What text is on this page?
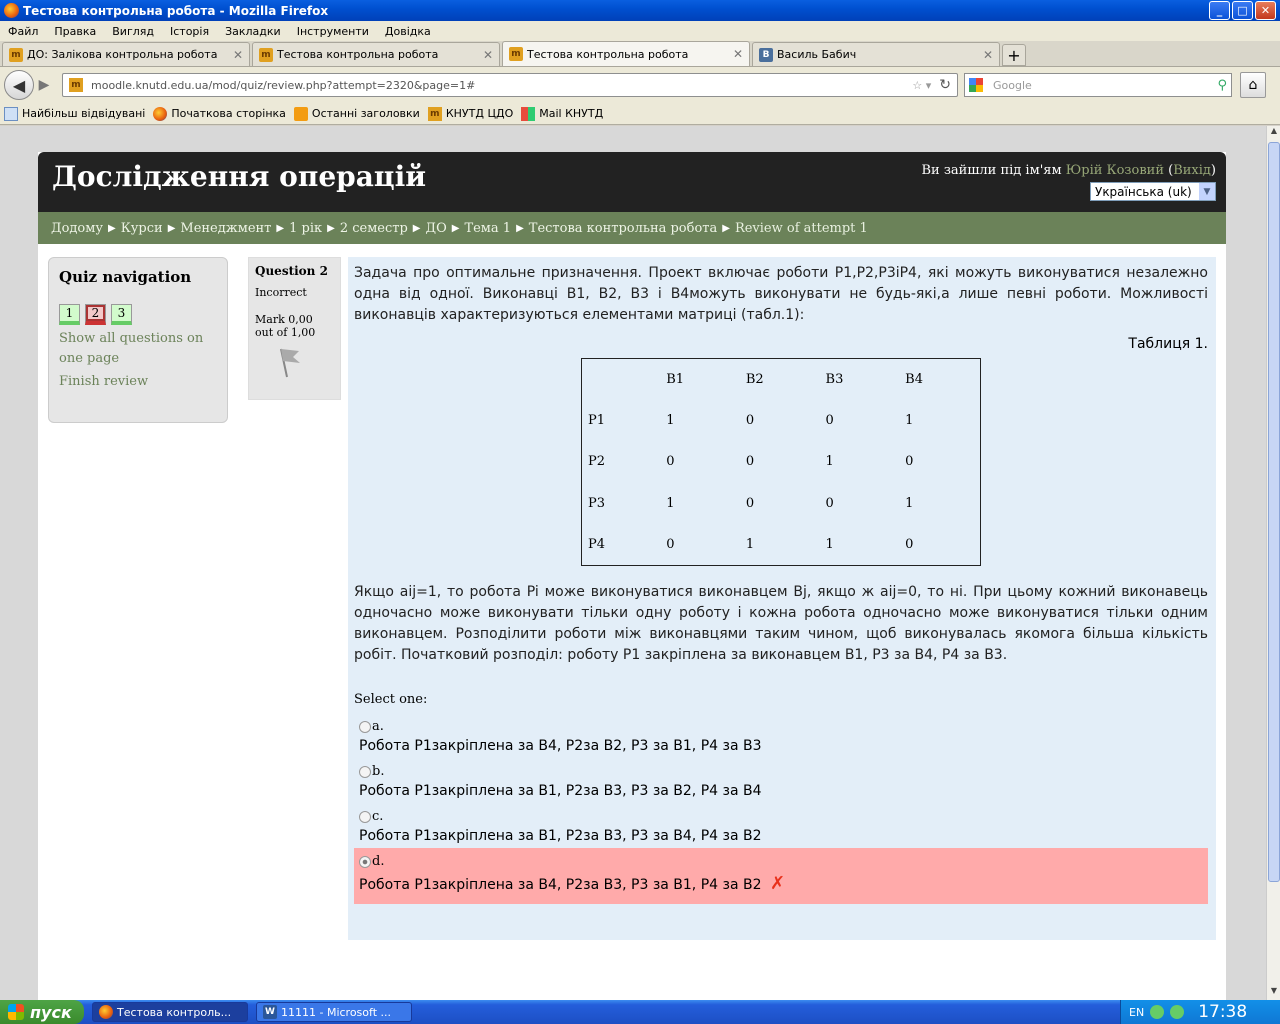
Тестова контрольна робота - Mozilla Firefox	_	□	✕
Файл Правка Вигляд Історія Закладки Інструменти Довідка
m ДО: Залікова контрольна робота	✕ m Тестова контрольна робота	✕ m Тестова контрольна робота	✕	B Василь Бабич	✕ +
◀ ▶	m moodle.knutd.edu.ua/mod/quiz/review.php?attempt=2320&page=1#	☆ ▾ ↻	Google	⚲	⌂
Найбільш відвідувані Початкова сторінка Останні заголовки m КНУТД ЦДО Mail КНУТД
Дослідження операцій	Ви зайшли під ім'ям Юрій Козовий (Вихід)
Українська (uk)	▼
Додому ▶ Курси ▶ Менеджмент ▶ 1 рік ▶ 2 семестр ▶ ДО ▶ Тема 1 ▶ Тестова контрольна робота ▶ Review of attempt 1
Quiz navigation
1	2	3
Show all questions on one page
Finish review
Question 2
Incorrect
Mark 0,00 out of 1,00
Задача про оптимальне призначення. Проект включає роботи Р1,Р2,Р3іР4, які можуть виконуватися незалежно одна від одної. Виконавці В1, В2, В3 і В4можуть виконувати не будь-які,а лише певні роботи. Можливості виконавців характеризуються елементами матриці (табл.1):
Таблиця 1.
	В1	В2	В3	В4
Р1	1	0	0	1
Р2	0	0	1	0
Р3	1	0	0	1
Р4	0	1	1	0
Якщо aij=1, то робота Pi може виконуватися виконавцем Вj, якщо ж aij=0, то ні. При цьому кожний виконавець одночасно може виконувати тільки одну роботу і кожна робота одночасно може виконуватися тільки одним виконавцем. Розподілити роботи між виконавцями таким чином, щоб виконувалась якомога більша кількість робіт. Початковий розподіл: роботу Р1 закріплена за виконавцем В1, Р3 за В4, Р4 за В3.
Select one:
a.
Робота Р1закріплена за В4, Р2за В2, Р3 за В1, Р4 за В3
b.
Робота Р1закріплена за В1, Р2за В3, Р3 за В2, Р4 за В4
c.
Робота Р1закріплена за В1, Р2за В3, Р3 за В4, Р4 за В2
d.
Робота Р1закріплена за В4, Р2за В3, Р3 за В1, Р4 за В2 ✗
▲
▼
пуск	Тестова контроль...	W 11111 - Microsoft ...	EN	17:38
